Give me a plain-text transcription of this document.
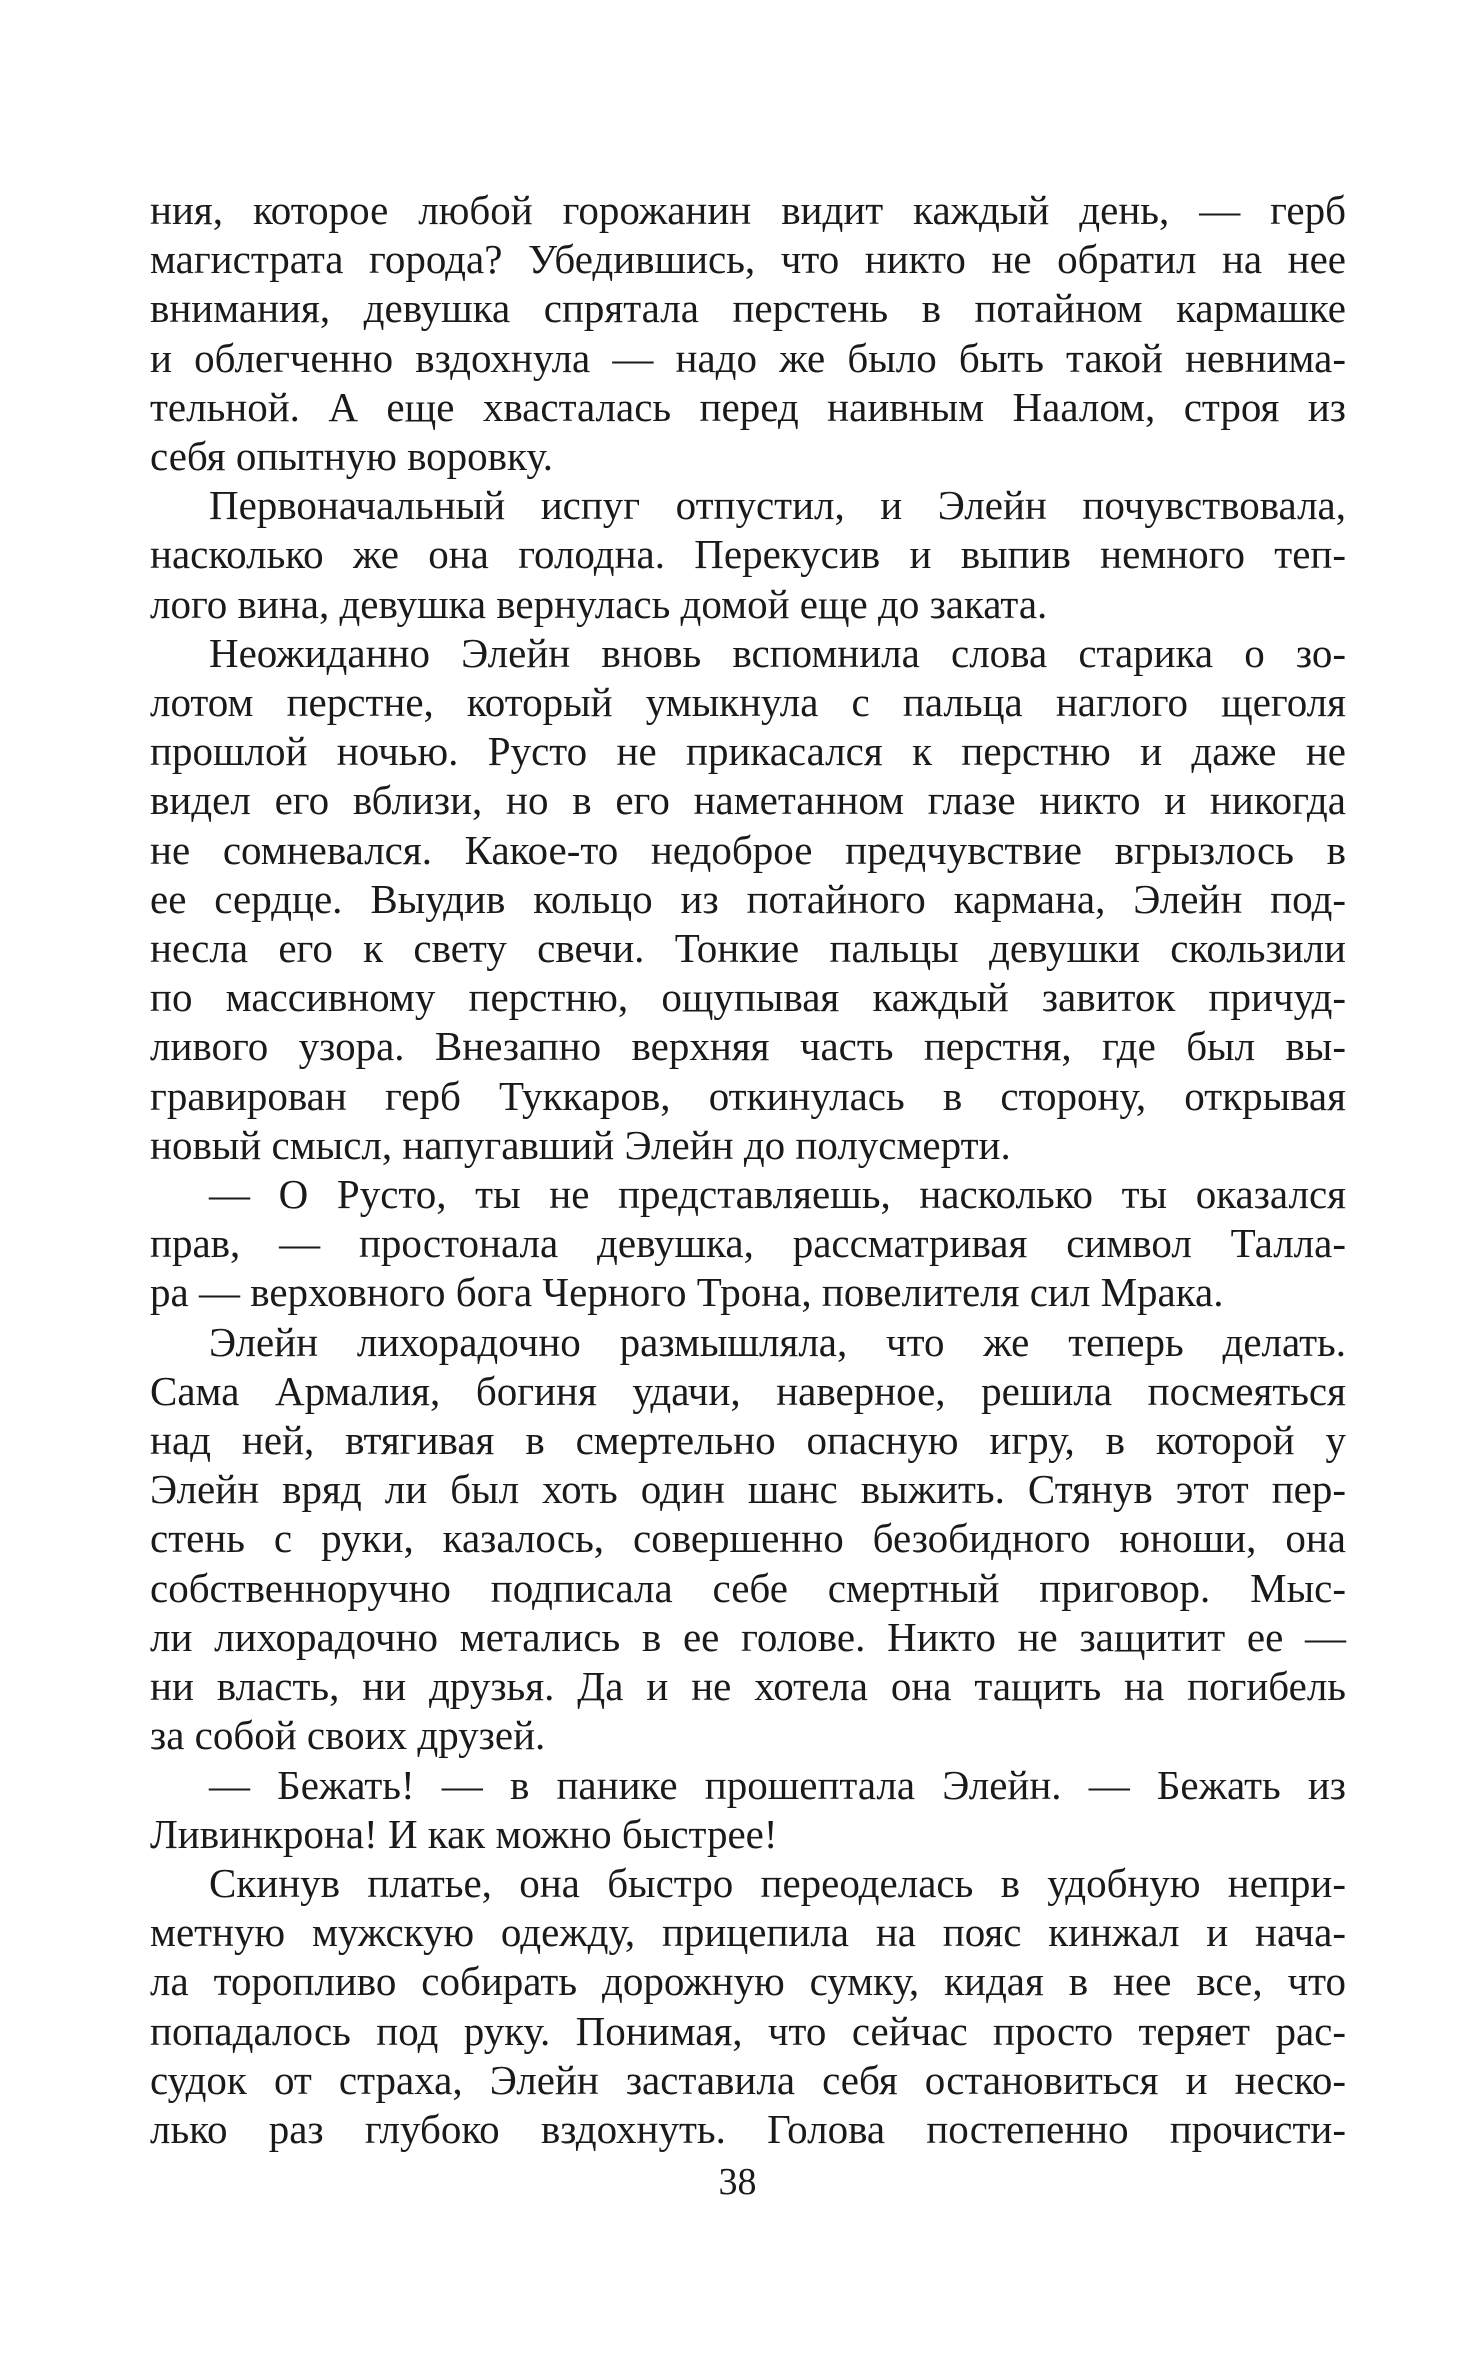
ния, которое любой горожанин видит каждый день, — герб
магистрата города? Убедившись, что никто не обратил на нее
внимания, девушка спрятала перстень в потайном кармашке
и облегченно вздохнула — надо же было быть такой невнима-
тельной. А еще хвасталась перед наивным Наалом, строя из
себя опытную воровку.

Первоначальный испуг отпустил, и Элейн почувствовала,
насколько же она голодна. Перекусив и выпив немного теп-
лого вина, девушка вернулась домой еще до заката.

Неожиданно Элейн вновь вспомнила слова старика о зо-
лотом перстне, который умыкнула с пальца наглого щеголя
прошлой ночью. Русто не прикасался к перстню и даже не
видел его вблизи, но в его наметанном глазе никто и никогда
не сомневался. Какое-то недоброе предчувствие вгрызлось в
ее сердце. Выудив кольцо из потайного кармана, Элейн под-
несла его к свету свечи. Тонкие пальцы девушки скользили
по массивному перстню, ощупывая каждый завиток причуд-
ливого узора. Внезапно верхняя часть перстня, где был вы-
гравирован герб Туккаров, откинулась в сторону, открывая
новый смысл, напугавший Элейн до полусмерти.

— О Русто, ты не представляешь, насколько ты оказался
прав, — простонала девушка, рассматривая символ Таллa-
ра — верховного бога Черного Трона, повелителя сил Мрака.

Элейн лихорадочно размышляла, что же теперь делать.
Сама Армалия, богиня удачи, наверное, решила посмеяться
над ней, втягивая в смертельно опасную игру, в которой у
Элейн вряд ли был хоть один шанс выжить. Стянув этот пер-
стень с руки, казалось, совершенно безобидного юноши, она
собственноручно подписала себе смертный приговор. Мыс-
ли лихорадочно метались в ее голове. Никто не защитит ее —
ни власть, ни друзья. Да и не хотела она тащить на погибель
за собой своих друзей.

— Бежать! — в панике прошептала Элейн. — Бежать из
Ливинкрона! И как можно быстрее!

Скинув платье, она быстро переоделась в удобную непри-
метную мужскую одежду, прицепила на пояс кинжал и нача-
ла торопливо собирать дорожную сумку, кидая в нее все, что
попадалось под руку. Понимая, что сейчас просто теряет рас-
судок от страха, Элейн заставила себя остановиться и неско-
лько раз глубоко вздохнуть. Голова постепенно прочисти-

38
